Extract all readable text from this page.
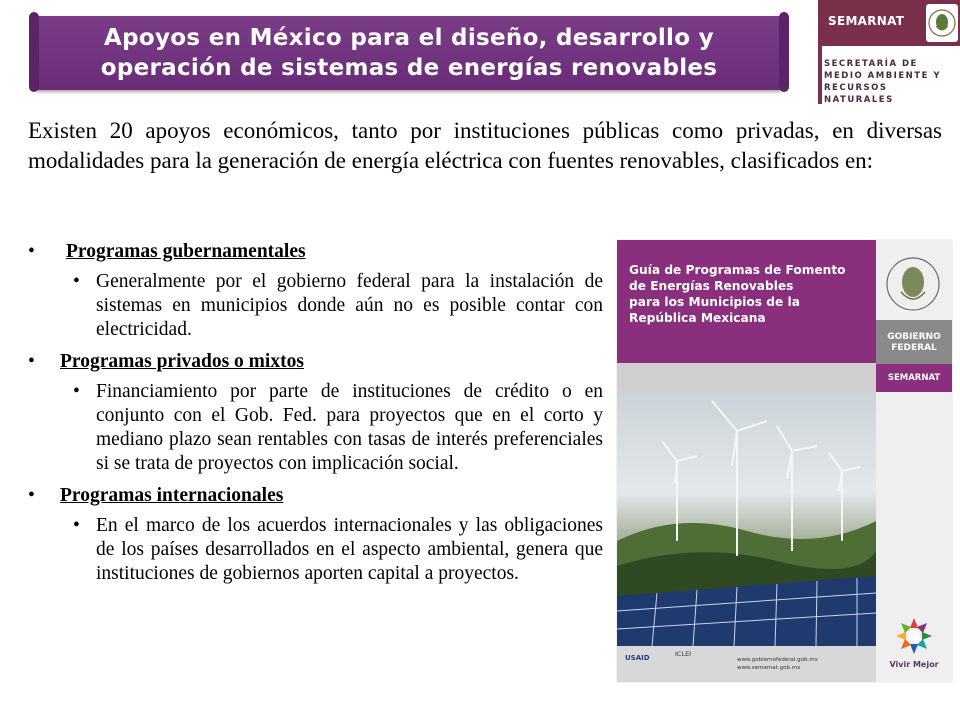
Apoyos en México para el diseño, desarrollo y
operación de sistemas de energías renovables
SEMARNAT
SECRETARÍA DE
MEDIO AMBIENTE Y
RECURSOS NATURALES
Existen 20 apoyos económicos, tanto por instituciones públicas como privadas, en diversas modalidades para la generación de energía eléctrica con fuentes renovables, clasificados en:
• Programas gubernamentales
• Generalmente por el gobierno federal para la instalación de sistemas en municipios donde aún no es posible contar con electricidad.
• Programas privados o mixtos
• Financiamiento por parte de instituciones de crédito o en conjunto con el Gob. Fed. para proyectos que en el corto y mediano plazo sean rentables con tasas de interés preferenciales si se trata de proyectos con implicación social.
• Programas internacionales
• En el marco de los acuerdos internacionales y las obligaciones de los países desarrollados en el aspecto ambiental, genera que instituciones de gobiernos aporten capital a proyectos.
Guía de Programas de Fomento
de Energías Renovables
para los Municipios de la
República Mexicana
GOBIERNO
FEDERAL
SEMARNAT
USAID	ICLEI
www.gobiernofederal.gob.mx
www.semarnat.gob.mx	Vivir Mejor
